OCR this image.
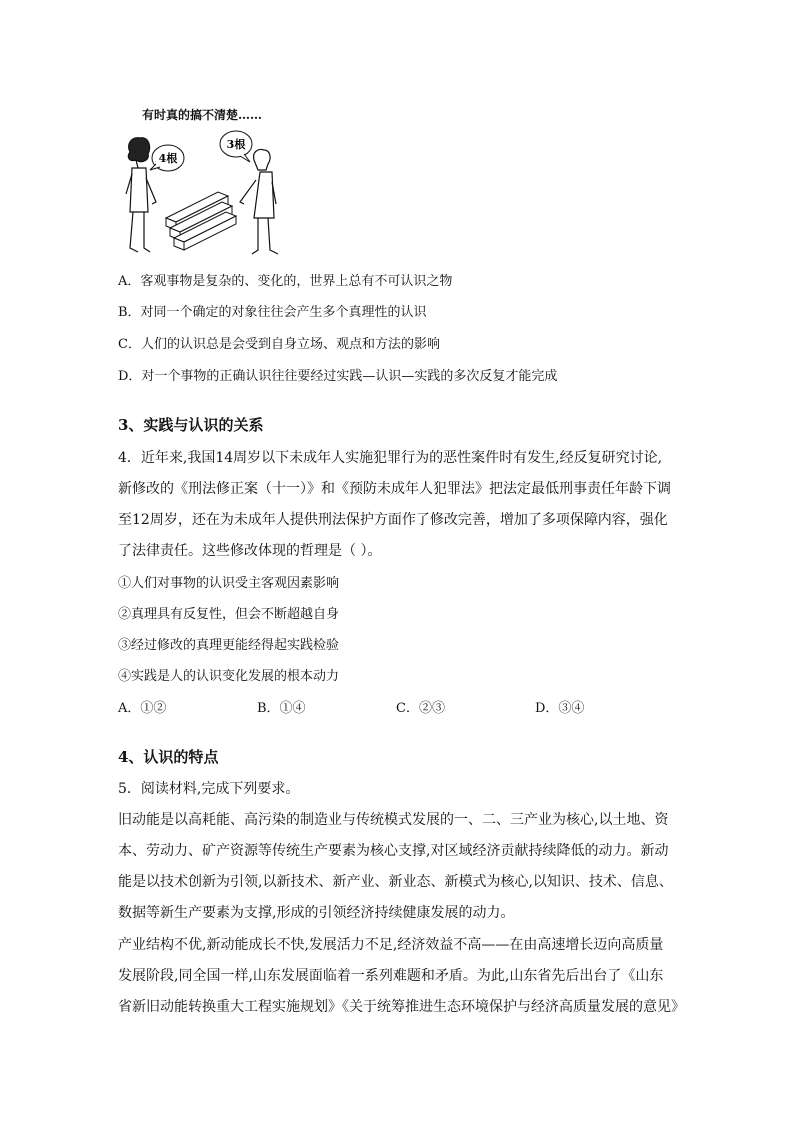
有时真的搞不清楚……
4根
3根
A．客观事物是复杂的、变化的，世界上总有不可认识之物
B．对同一个确定的对象往往会产生多个真理性的认识
C．人们的认识总是会受到自身立场、观点和方法的影响
D．对一个事物的正确认识往往要经过实践—认识—实践的多次反复才能完成
3、实践与认识的关系
4．近年来,我国14周岁以下未成年人实施犯罪行为的恶性案件时有发生,经反复研究讨论,
新修改的《刑法修正案（十一）》和《预防未成年人犯罪法》把法定最低刑事责任年龄下调
至12周岁，还在为未成年人提供刑法保护方面作了修改完善，增加了多项保障内容，强化
了法律责任。这些修改体现的哲理是（ ）。
①人们对事物的认识受主客观因素影响
②真理具有反复性，但会不断超越自身
③经过修改的真理更能经得起实践检验
④实践是人的认识变化发展的根本动力
A．①②	B．①④	C．②③	D．③④
4、认识的特点
5．阅读材料,完成下列要求。
旧动能是以高耗能、高污染的制造业与传统模式发展的一、二、三产业为核心,以土地、资
本、劳动力、矿产资源等传统生产要素为核心支撑,对区域经济贡献持续降低的动力。新动
能是以技术创新为引领,以新技术、新产业、新业态、新模式为核心,以知识、技术、信息、
数据等新生产要素为支撑,形成的引领经济持续健康发展的动力。
产业结构不优,新动能成长不快,发展活力不足,经济效益不高——在由高速增长迈向高质量
发展阶段,同全国一样,山东发展面临着一系列难题和矛盾。为此,山东省先后出台了《山东
省新旧动能转换重大工程实施规划》《关于统筹推进生态环境保护与经济高质量发展的意见》
